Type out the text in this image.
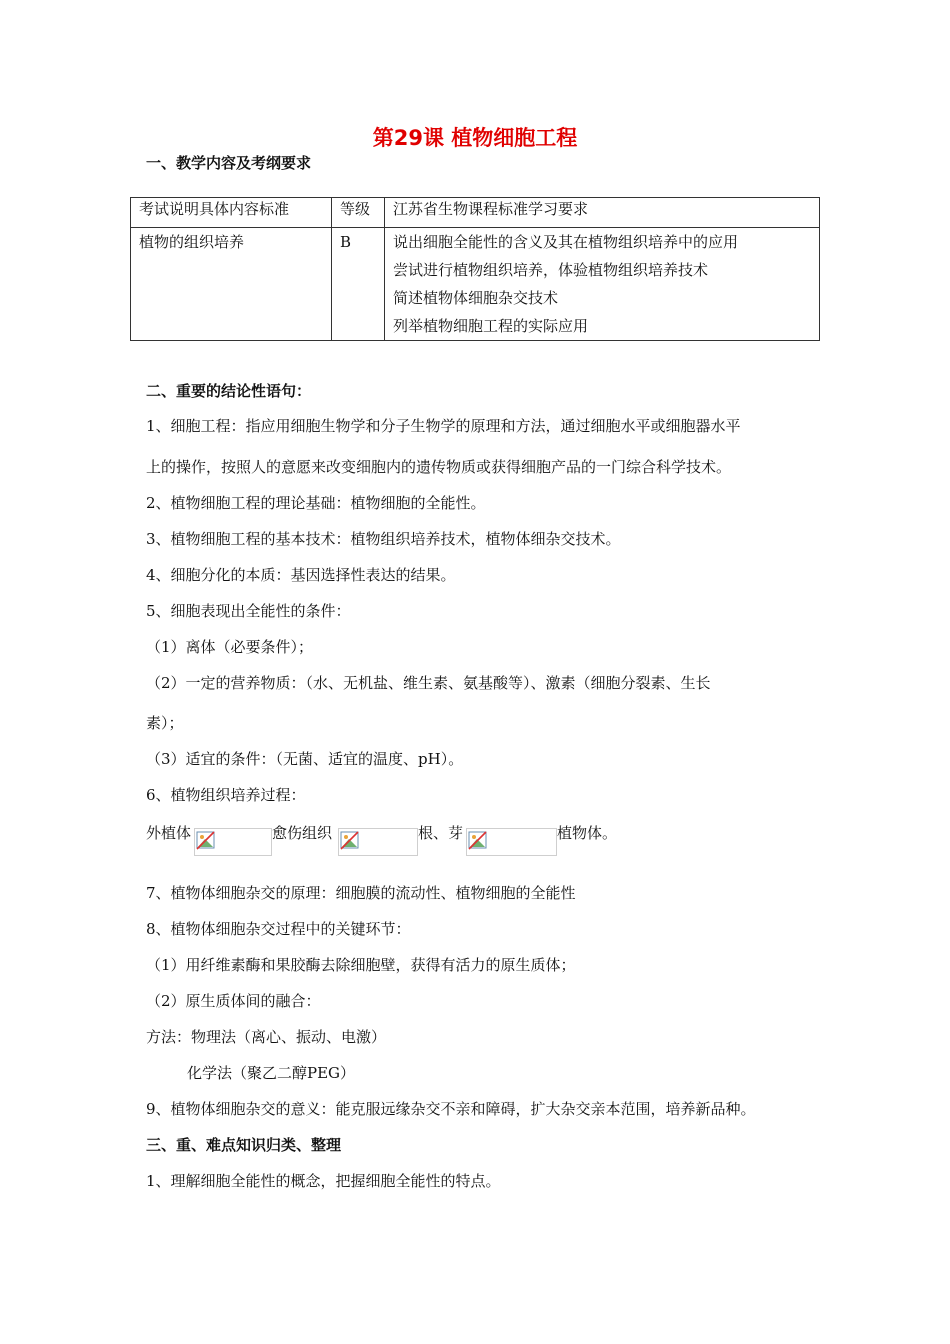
第29课 植物细胞工程
一、教学内容及考纲要求
考试说明具体内容标准	等级	江苏省生物课程标准学习要求
植物的组织培养	B	说出细胞全能性的含义及其在植物组织培养中的应用
尝试进行植物组织培养，体验植物组织培养技术
简述植物体细胞杂交技术
列举植物细胞工程的实际应用
二、重要的结论性语句：
1、细胞工程：指应用细胞生物学和分子生物学的原理和方法，通过细胞水平或细胞器水平
上的操作，按照人的意愿来改变细胞内的遗传物质或获得细胞产品的一门综合科学技术。
2、植物细胞工程的理论基础：植物细胞的全能性。
3、植物细胞工程的基本技术：植物组织培养技术，植物体细杂交技术。
4、细胞分化的本质：基因选择性表达的结果。
5、细胞表现出全能性的条件：
（1）离体（必要条件）；
（2）一定的营养物质：（水、无机盐、维生素、氨基酸等）、激素（细胞分裂素、生长
素）；
（3）适宜的条件：（无菌、适宜的温度、pH）。
6、植物组织培养过程：
外植体	愈伤组织	根、芽	植物体。
7、植物体细胞杂交的原理：细胞膜的流动性、植物细胞的全能性
8、植物体细胞杂交过程中的关键环节：
（1）用纤维素酶和果胶酶去除细胞壁，获得有活力的原生质体；
（2）原生质体间的融合：
方法：物理法（离心、振动、电激）
化学法（聚乙二醇PEG）
9、植物体细胞杂交的意义：能克服远缘杂交不亲和障碍，扩大杂交亲本范围，培养新品种。
三、重、难点知识归类、整理
1、理解细胞全能性的概念，把握细胞全能性的特点。
